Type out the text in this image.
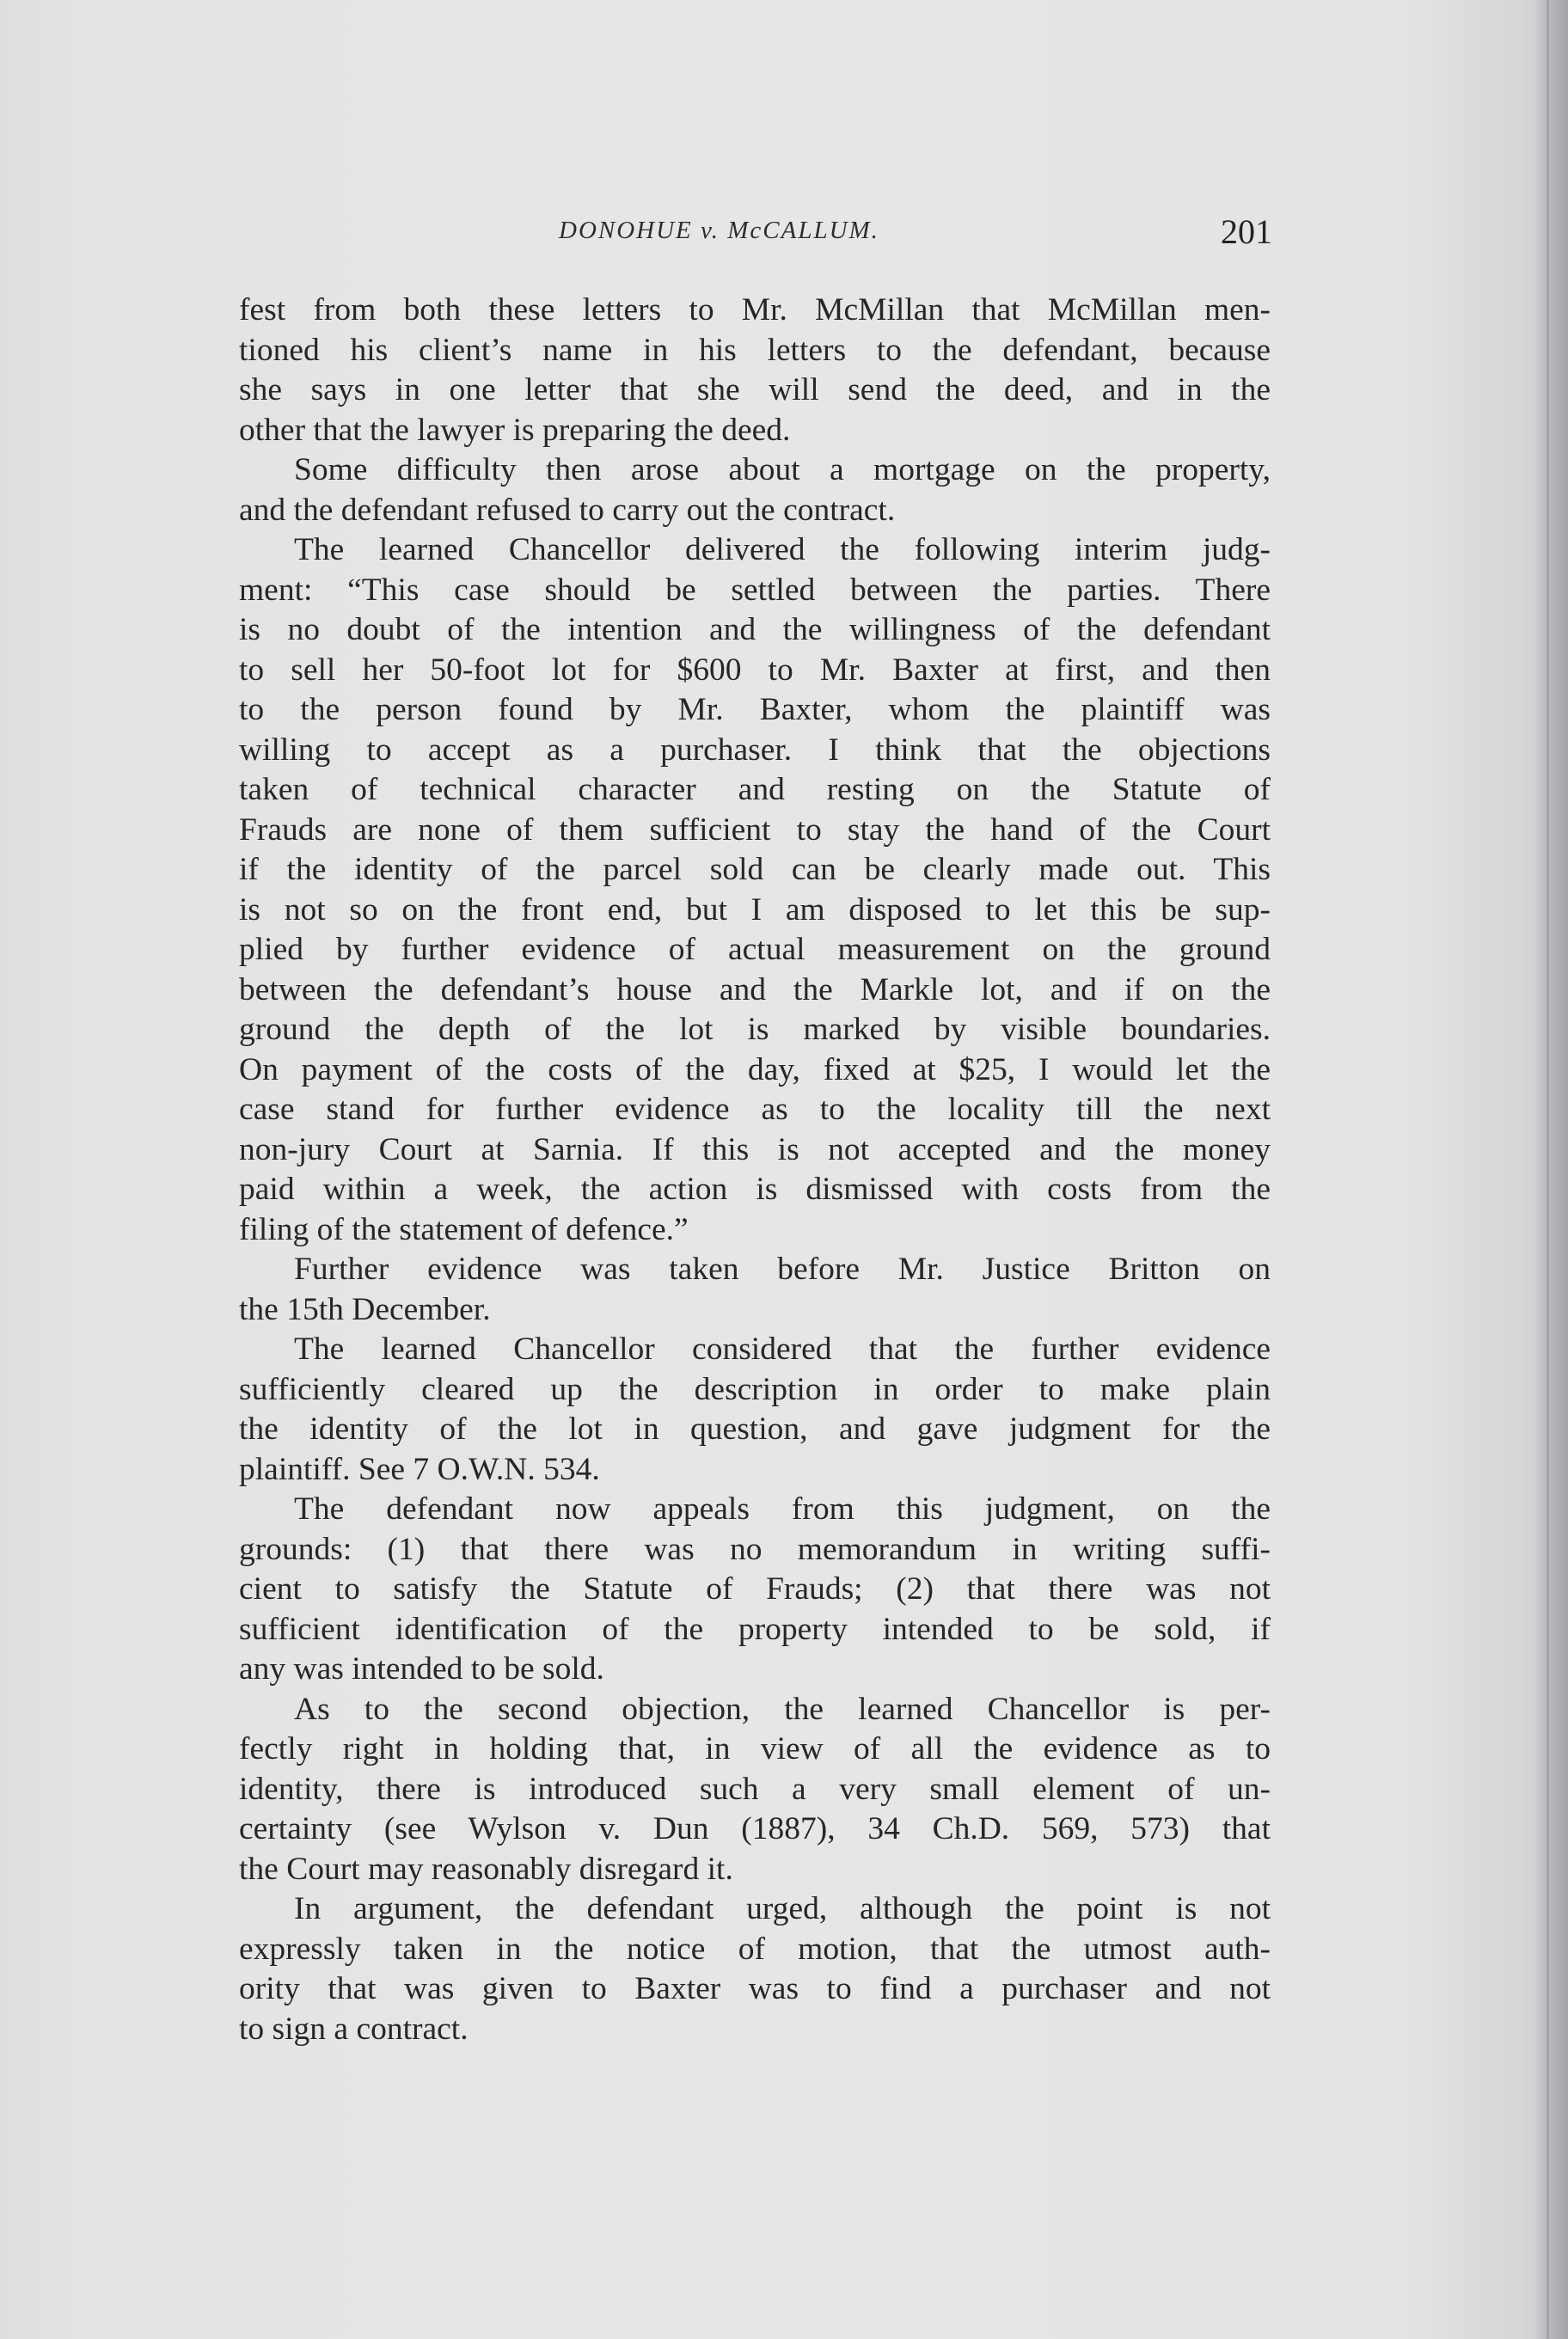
DONOHUE v. McCALLUM.	201

fest from both these letters to Mr. McMillan that McMillan men-

tioned his client’s name in his letters to the defendant, because

she says in one letter that she will send the deed, and in the

other that the lawyer is preparing the deed.

Some difficulty then arose about a mortgage on the property,

and the defendant refused to carry out the contract.

The learned Chancellor delivered the following interim judg-

ment: “This case should be settled between the parties. There

is no doubt of the intention and the willingness of the defendant

to sell her 50-foot lot for $600 to Mr. Baxter at first, and then

to the person found by Mr. Baxter, whom the plaintiff was

willing to accept as a purchaser. I think that the objections

taken of technical character and resting on the Statute of

Frauds are none of them sufficient to stay the hand of the Court

if the identity of the parcel sold can be clearly made out. This

is not so on the front end, but I am disposed to let this be sup-

plied by further evidence of actual measurement on the ground

between the defendant’s house and the Markle lot, and if on the

ground the depth of the lot is marked by visible boundaries.

On payment of the costs of the day, fixed at $25, I would let the

case stand for further evidence as to the locality till the next

non-jury Court at Sarnia. If this is not accepted and the money

paid within a week, the action is dismissed with costs from the

filing of the statement of defence.”

Further evidence was taken before Mr. Justice Britton on

the 15th December.

The learned Chancellor considered that the further evidence

sufficiently cleared up the description in order to make plain

the identity of the lot in question, and gave judgment for the

plaintiff. See 7 O.W.N. 534.

The defendant now appeals from this judgment, on the

grounds: (1) that there was no memorandum in writing suffi-

cient to satisfy the Statute of Frauds; (2) that there was not

sufficient identification of the property intended to be sold, if

any was intended to be sold.

As to the second objection, the learned Chancellor is per-

fectly right in holding that, in view of all the evidence as to

identity, there is introduced such a very small element of un-

certainty (see Wylson v. Dun (1887), 34 Ch.D. 569, 573) that

the Court may reasonably disregard it.

In argument, the defendant urged, although the point is not

expressly taken in the notice of motion, that the utmost auth-

ority that was given to Baxter was to find a purchaser and not

to sign a contract.
